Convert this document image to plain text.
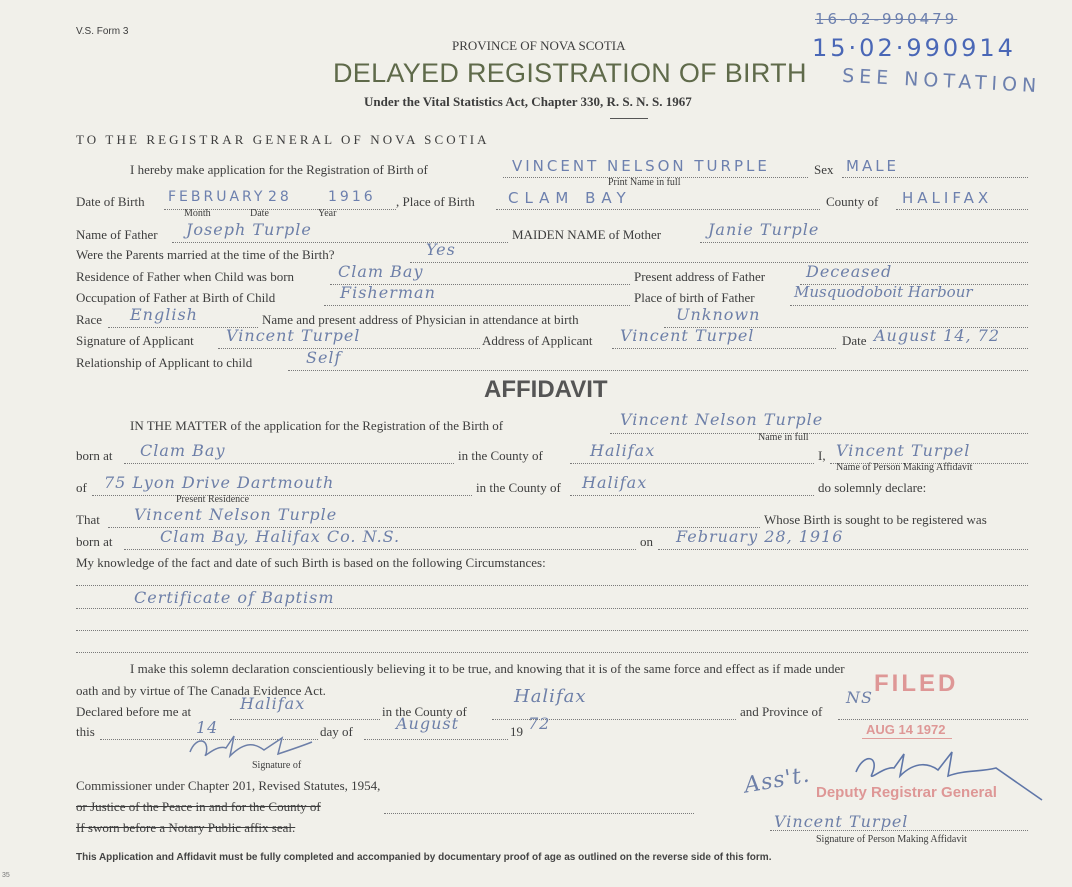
V.S. Form 3
PROVINCE OF NOVA SCOTIA
DELAYED REGISTRATION OF BIRTH
Under the Vital Statistics Act, Chapter 330, R. S. N. S. 1967
16-02-990479
15·02·990914
SEE NOTATION
TO THE REGISTRAR GENERAL OF NOVA SCOTIA
I hereby make application for the Registration of Birth of	VINCENT NELSON TURPLE	Sex MALE
Print Name in full
Date of Birth FEBRUARY 28	1916
Month	Date	Year
, Place of Birth CLAM BAY	County of HALIFAX
Name of Father Joseph Turple	MAIDEN NAME of Mother	Janie Turple
Were the Parents married at the time of the Birth?	Yes
Residence of Father when Child was born	Clam Bay	Present address of Father	Deceased
Occupation of Father at Birth of Child	Fisherman	Place of birth of Father	Musquodoboit Harbour
Race English	Name and present address of Physician in attendance at birth	Unknown
Signature of Applicant Vincent Turpel	Address of Applicant Vincent Turpel	Date August 14, 72
Relationship of Applicant to child	Self
AFFIDAVIT
IN THE MATTER of the application for the Registration of the Birth of	Vincent Nelson Turple
Name in full
born at Clam Bay	in the County of	Halifax	I, Vincent Turpel
Name of Person Making Affidavit
of 75 Lyon Drive Dartmouth
Present Residence
in the County of Halifax	do solemnly declare:
That Vincent Nelson Turple	Whose Birth is sought to be registered was
born at	Clam Bay, Halifax Co. N.S.	on February 28, 1916
My knowledge of the fact and date of such Birth is based on the following Circumstances:
Certificate of Baptism
I make this solemn declaration conscientiously believing it to be true, and knowing that it is of the same force and effect as if made under
oath and by virtue of The Canada Evidence Act.
Declared before me at	Halifax	in the County of
Halifax
and Province of
NS
this	14	day of	August	19 72
Signature of
Commissioner under Chapter 201, Revised Statutes, 1954,
or Justice of the Peace in and for the County of
If sworn before a Notary Public affix seal.
FILED
AUG 14 1972
Deputy Registrar General
Ass't.
Vincent Turpel
Signature of Person Making Affidavit
This Application and Affidavit must be fully completed and accompanied by documentary proof of age as outlined on the reverse side of this form.
35
